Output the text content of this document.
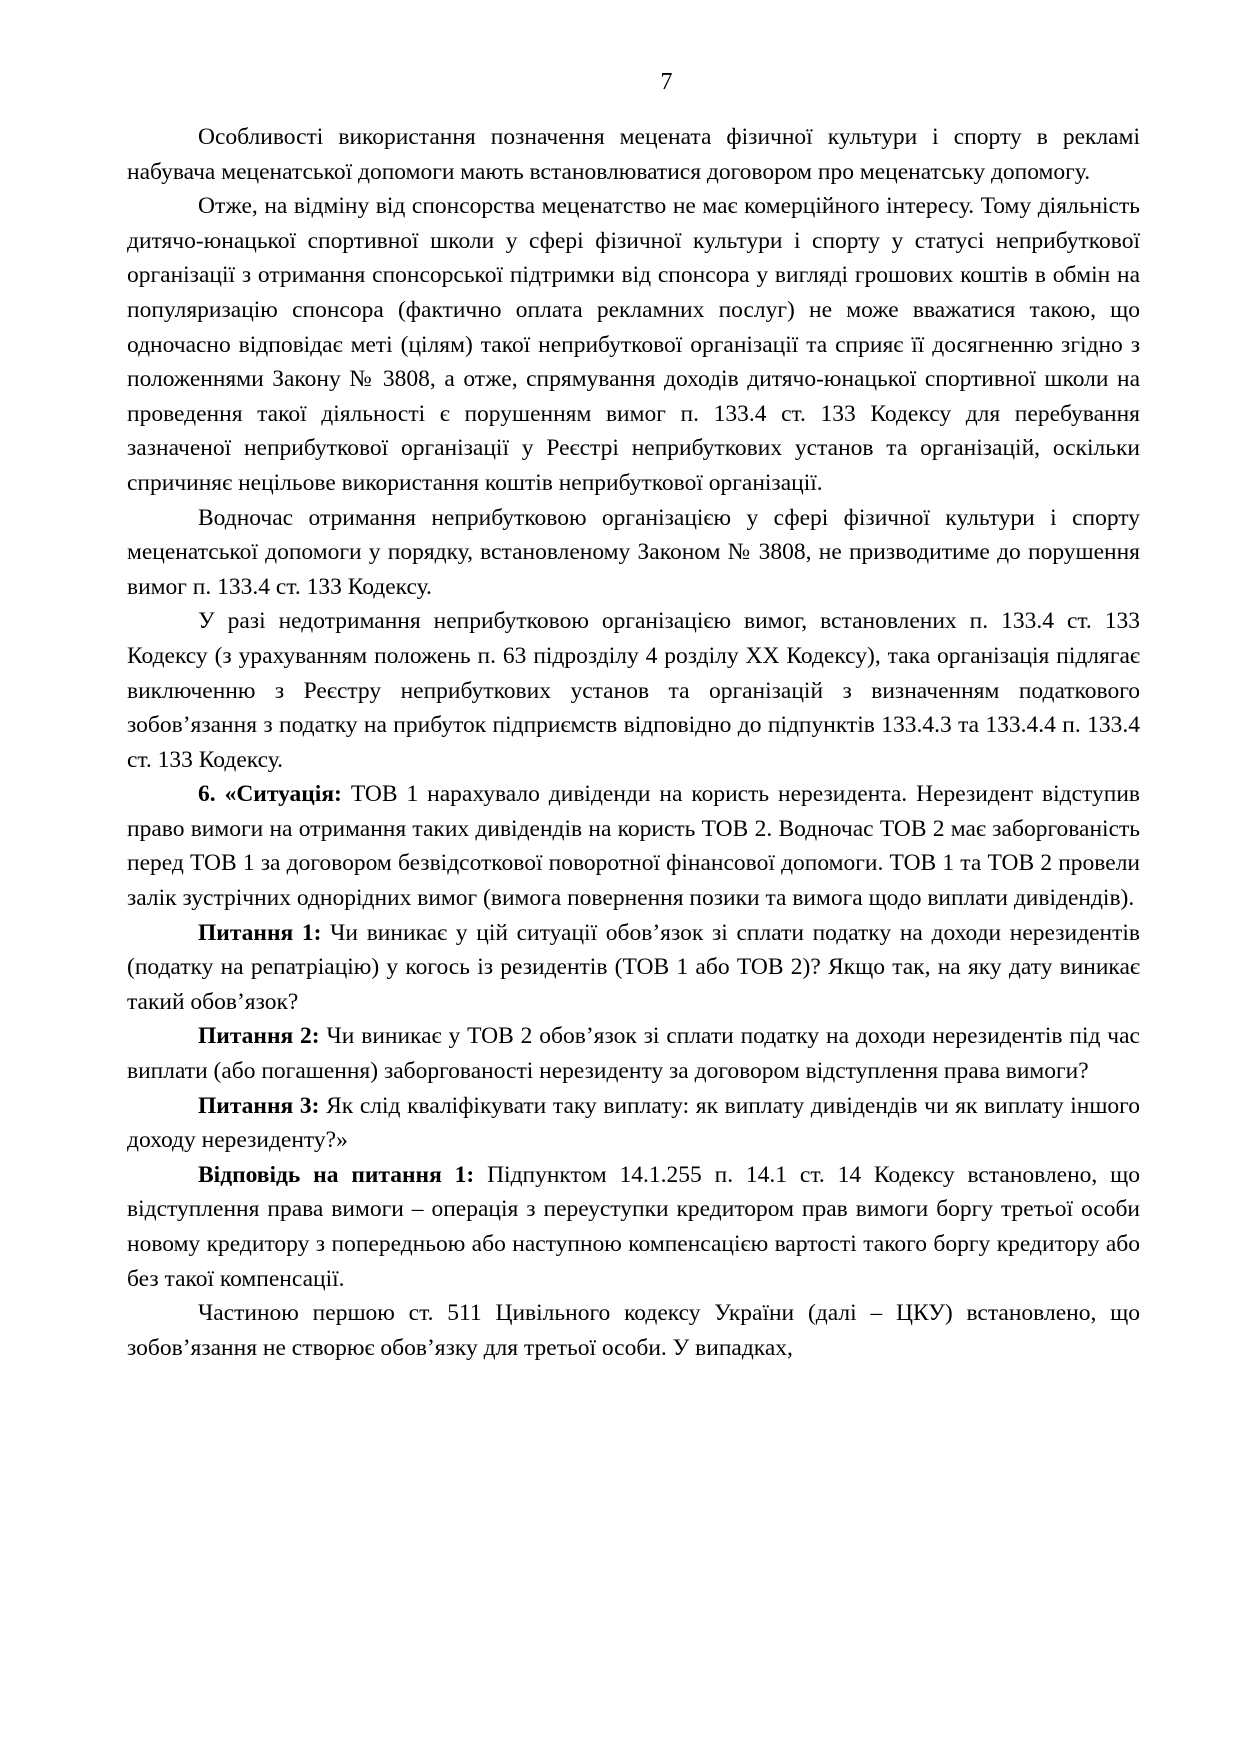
7

Особливості використання позначення мецената фізичної культури і спорту в рекламі набувача меценатської допомоги мають встановлюватися договором про меценатську допомогу.

Отже, на відміну від спонсорства меценатство не має комерційного інтересу. Тому діяльність дитячо-юнацької спортивної школи у сфері фізичної культури і спорту у статусі неприбуткової організації з отримання спонсорської підтримки від спонсора у вигляді грошових коштів в обмін на популяризацію спонсора (фактично оплата рекламних послуг) не може вважатися такою, що одночасно відповідає меті (цілям) такої неприбуткової організації та сприяє її досягненню згідно з положеннями Закону № 3808, а отже, спрямування доходів дитячо-юнацької спортивної школи на проведення такої діяльності є порушенням вимог п. 133.4 ст. 133 Кодексу для перебування зазначеної неприбуткової організації у Реєстрі неприбуткових установ та організацій, оскільки спричиняє нецільове використання коштів неприбуткової організації.

Водночас отримання неприбутковою організацією у сфері фізичної культури і спорту меценатської допомоги у порядку, встановленому Законом № 3808, не призводитиме до порушення вимог п. 133.4 ст. 133 Кодексу.

У разі недотримання неприбутковою організацією вимог, встановлених п. 133.4 ст. 133 Кодексу (з урахуванням положень п. 63 підрозділу 4 розділу XX Кодексу), така організація підлягає виключенню з Реєстру неприбуткових установ та організацій з визначенням податкового зобов’язання з податку на прибуток підприємств відповідно до підпунктів 133.4.3 та 133.4.4 п. 133.4 ст. 133 Кодексу.

6. «Ситуація: ТОВ 1 нарахувало дивіденди на користь нерезидента. Нерезидент відступив право вимоги на отримання таких дивідендів на користь ТОВ 2. Водночас ТОВ 2 має заборгованість перед ТОВ 1 за договором безвідсоткової поворотної фінансової допомоги. ТОВ 1 та ТОВ 2 провели залік зустрічних однорідних вимог (вимога повернення позики та вимога щодо виплати дивідендів).

Питання 1: Чи виникає у цій ситуації обов’язок зі сплати податку на доходи нерезидентів (податку на репатріацію) у когось із резидентів (ТОВ 1 або ТОВ 2)? Якщо так, на яку дату виникає такий обов’язок?

Питання 2: Чи виникає у ТОВ 2 обов’язок зі сплати податку на доходи нерезидентів під час виплати (або погашення) заборгованості нерезиденту за договором відступлення права вимоги?

Питання 3: Як слід кваліфікувати таку виплату: як виплату дивідендів чи як виплату іншого доходу нерезиденту?»

Відповідь на питання 1: Підпунктом 14.1.255 п. 14.1 ст. 14 Кодексу встановлено, що відступлення права вимоги – операція з переуступки кредитором прав вимоги боргу третьої особи новому кредитору з попередньою або наступною компенсацією вартості такого боргу кредитору або без такої компенсації.

Частиною першою ст. 511 Цивільного кодексу України (далі – ЦКУ) встановлено, що зобов’язання не створює обов’язку для третьої особи. У випадках,
